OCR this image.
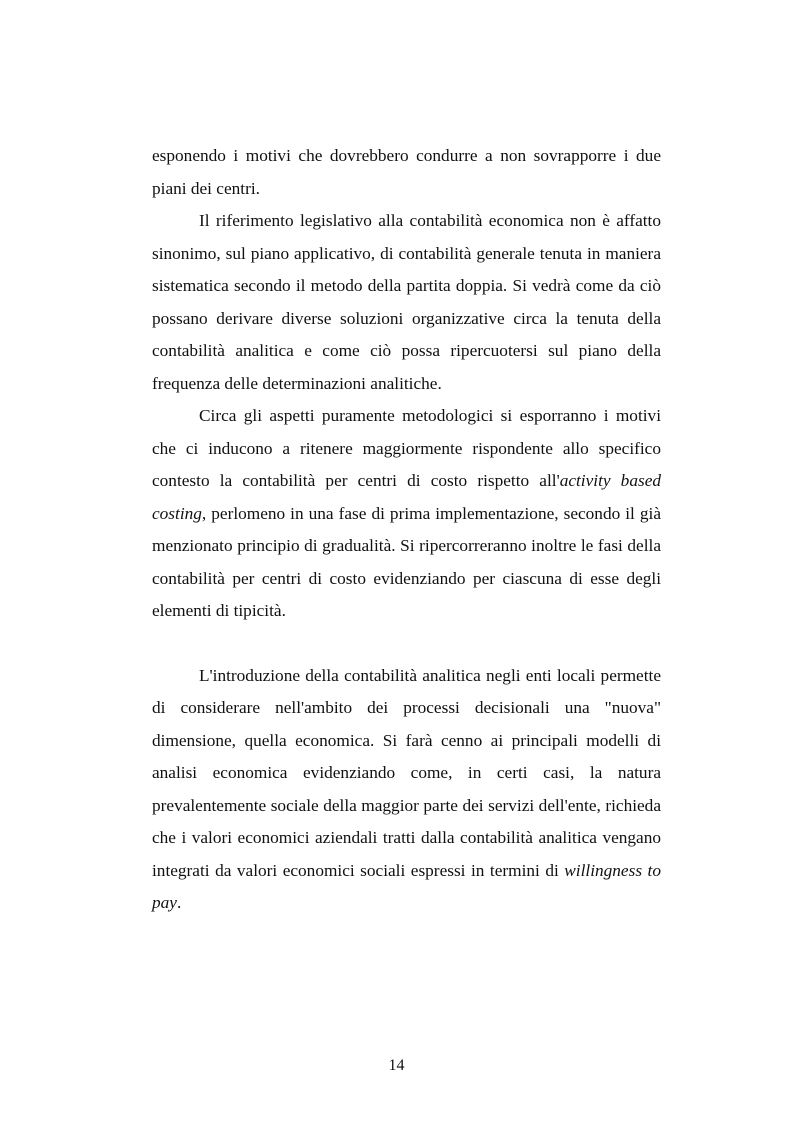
esponendo i motivi che dovrebbero condurre a non sovrapporre i due piani dei centri.

Il riferimento legislativo alla contabilità economica non è affatto sinonimo, sul piano applicativo, di contabilità generale tenuta in maniera sistematica secondo il metodo della partita doppia. Si vedrà come da ciò possano derivare diverse soluzioni organizzative circa la tenuta della contabilità analitica e come ciò possa ripercuotersi sul piano della frequenza delle determinazioni analitiche.

Circa gli aspetti puramente metodologici si esporranno i motivi che ci inducono a ritenere maggiormente rispondente allo specifico contesto la contabilità per centri di costo rispetto all'activity based costing, perlomeno in una fase di prima implementazione, secondo il già menzionato principio di gradualità. Si ripercorreranno inoltre le fasi della contabilità per centri di costo evidenziando per ciascuna di esse degli elementi di tipicità.

L'introduzione della contabilità analitica negli enti locali permette di considerare nell'ambito dei processi decisionali una "nuova" dimensione, quella economica. Si farà cenno ai principali modelli di analisi economica evidenziando come, in certi casi, la natura prevalentemente sociale della maggior parte dei servizi dell'ente, richieda che i valori economici aziendali tratti dalla contabilità analitica vengano integrati da valori economici sociali espressi in termini di willingness to pay.

14
